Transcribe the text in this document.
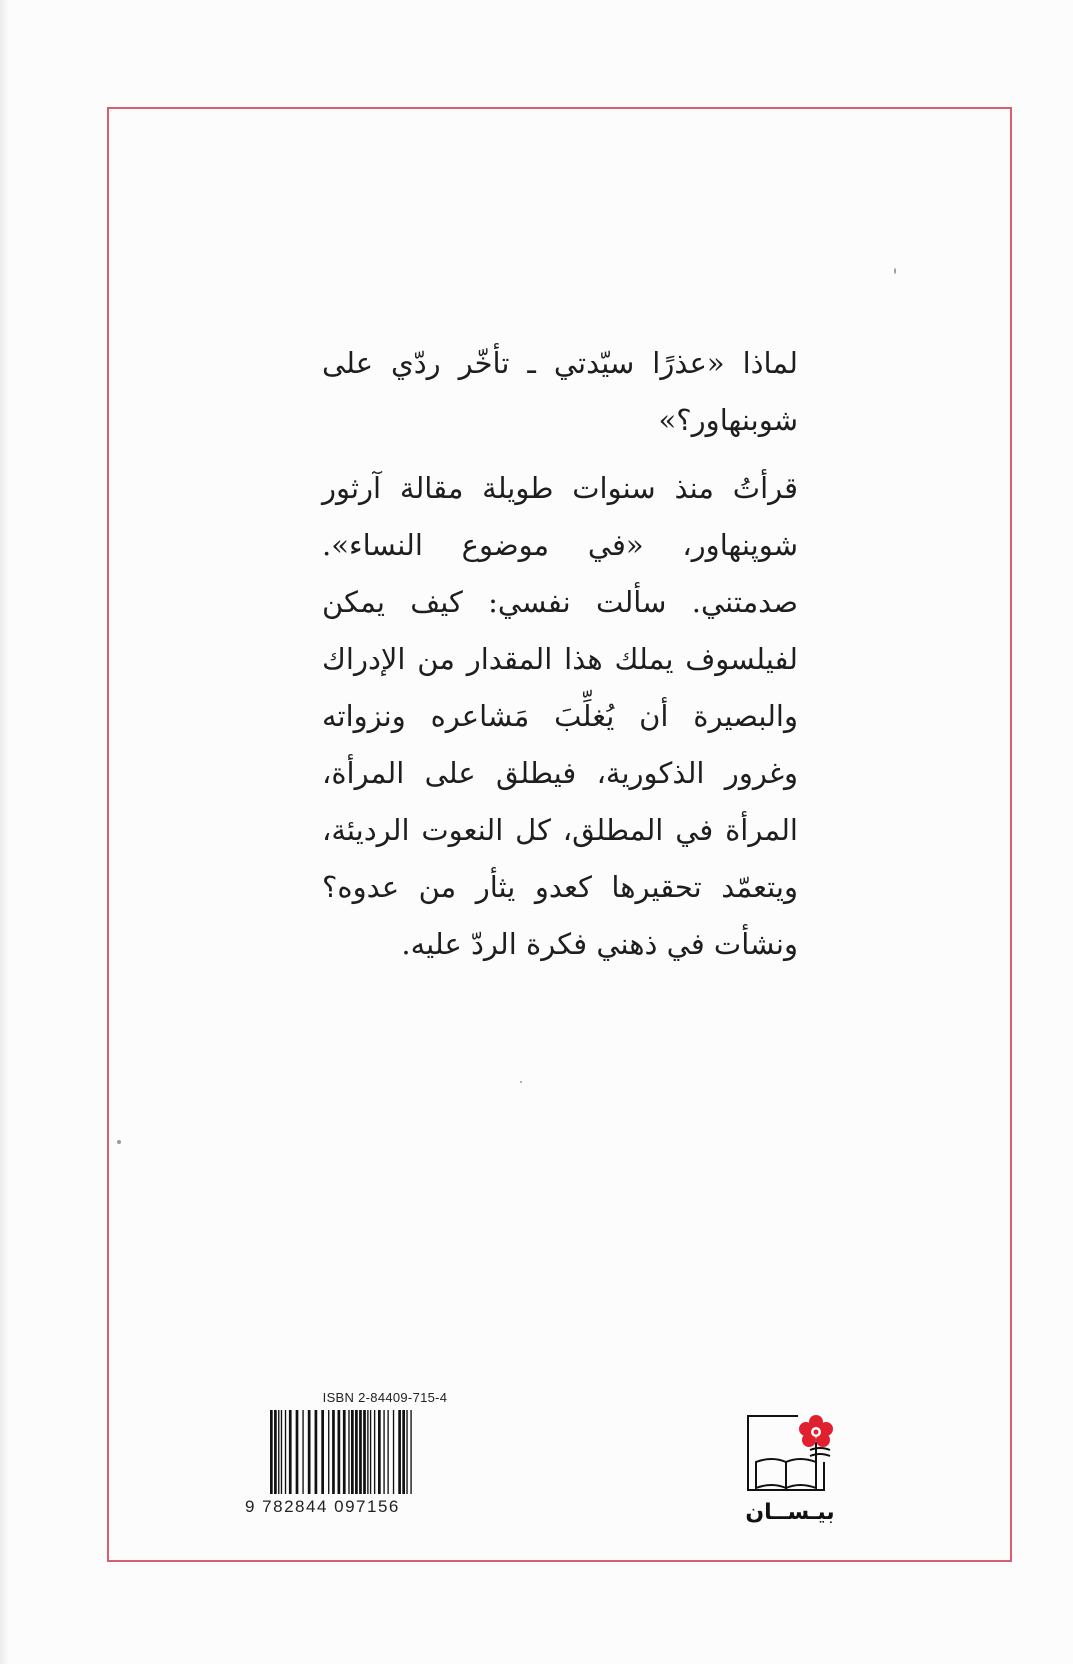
لماذا «عذرًا سيّدتي ـ تأخّر ردّي على
شوبنهاور؟»
قرأتُ منذ سنوات طويلة مقالة آرثور
شوپنهاور، «في موضوع النساء».
صدمتني. سألت نفسي: كيف يمكن
لفيلسوف يملك هذا المقدار من الإدراك
والبصيرة أن يُغلِّبَ مَشاعره ونزواته
وغرور الذكورية، فيطلق على المرأة،
المرأة في المطلق، كل النعوت الرديئة،
ويتعمّد تحقيرها كعدو يثأر من عدوه؟
ونشأت في ذهني فكرة الردّ عليه.
ISBN 2-84409-715-4
9 782844 097156	بيـســان
